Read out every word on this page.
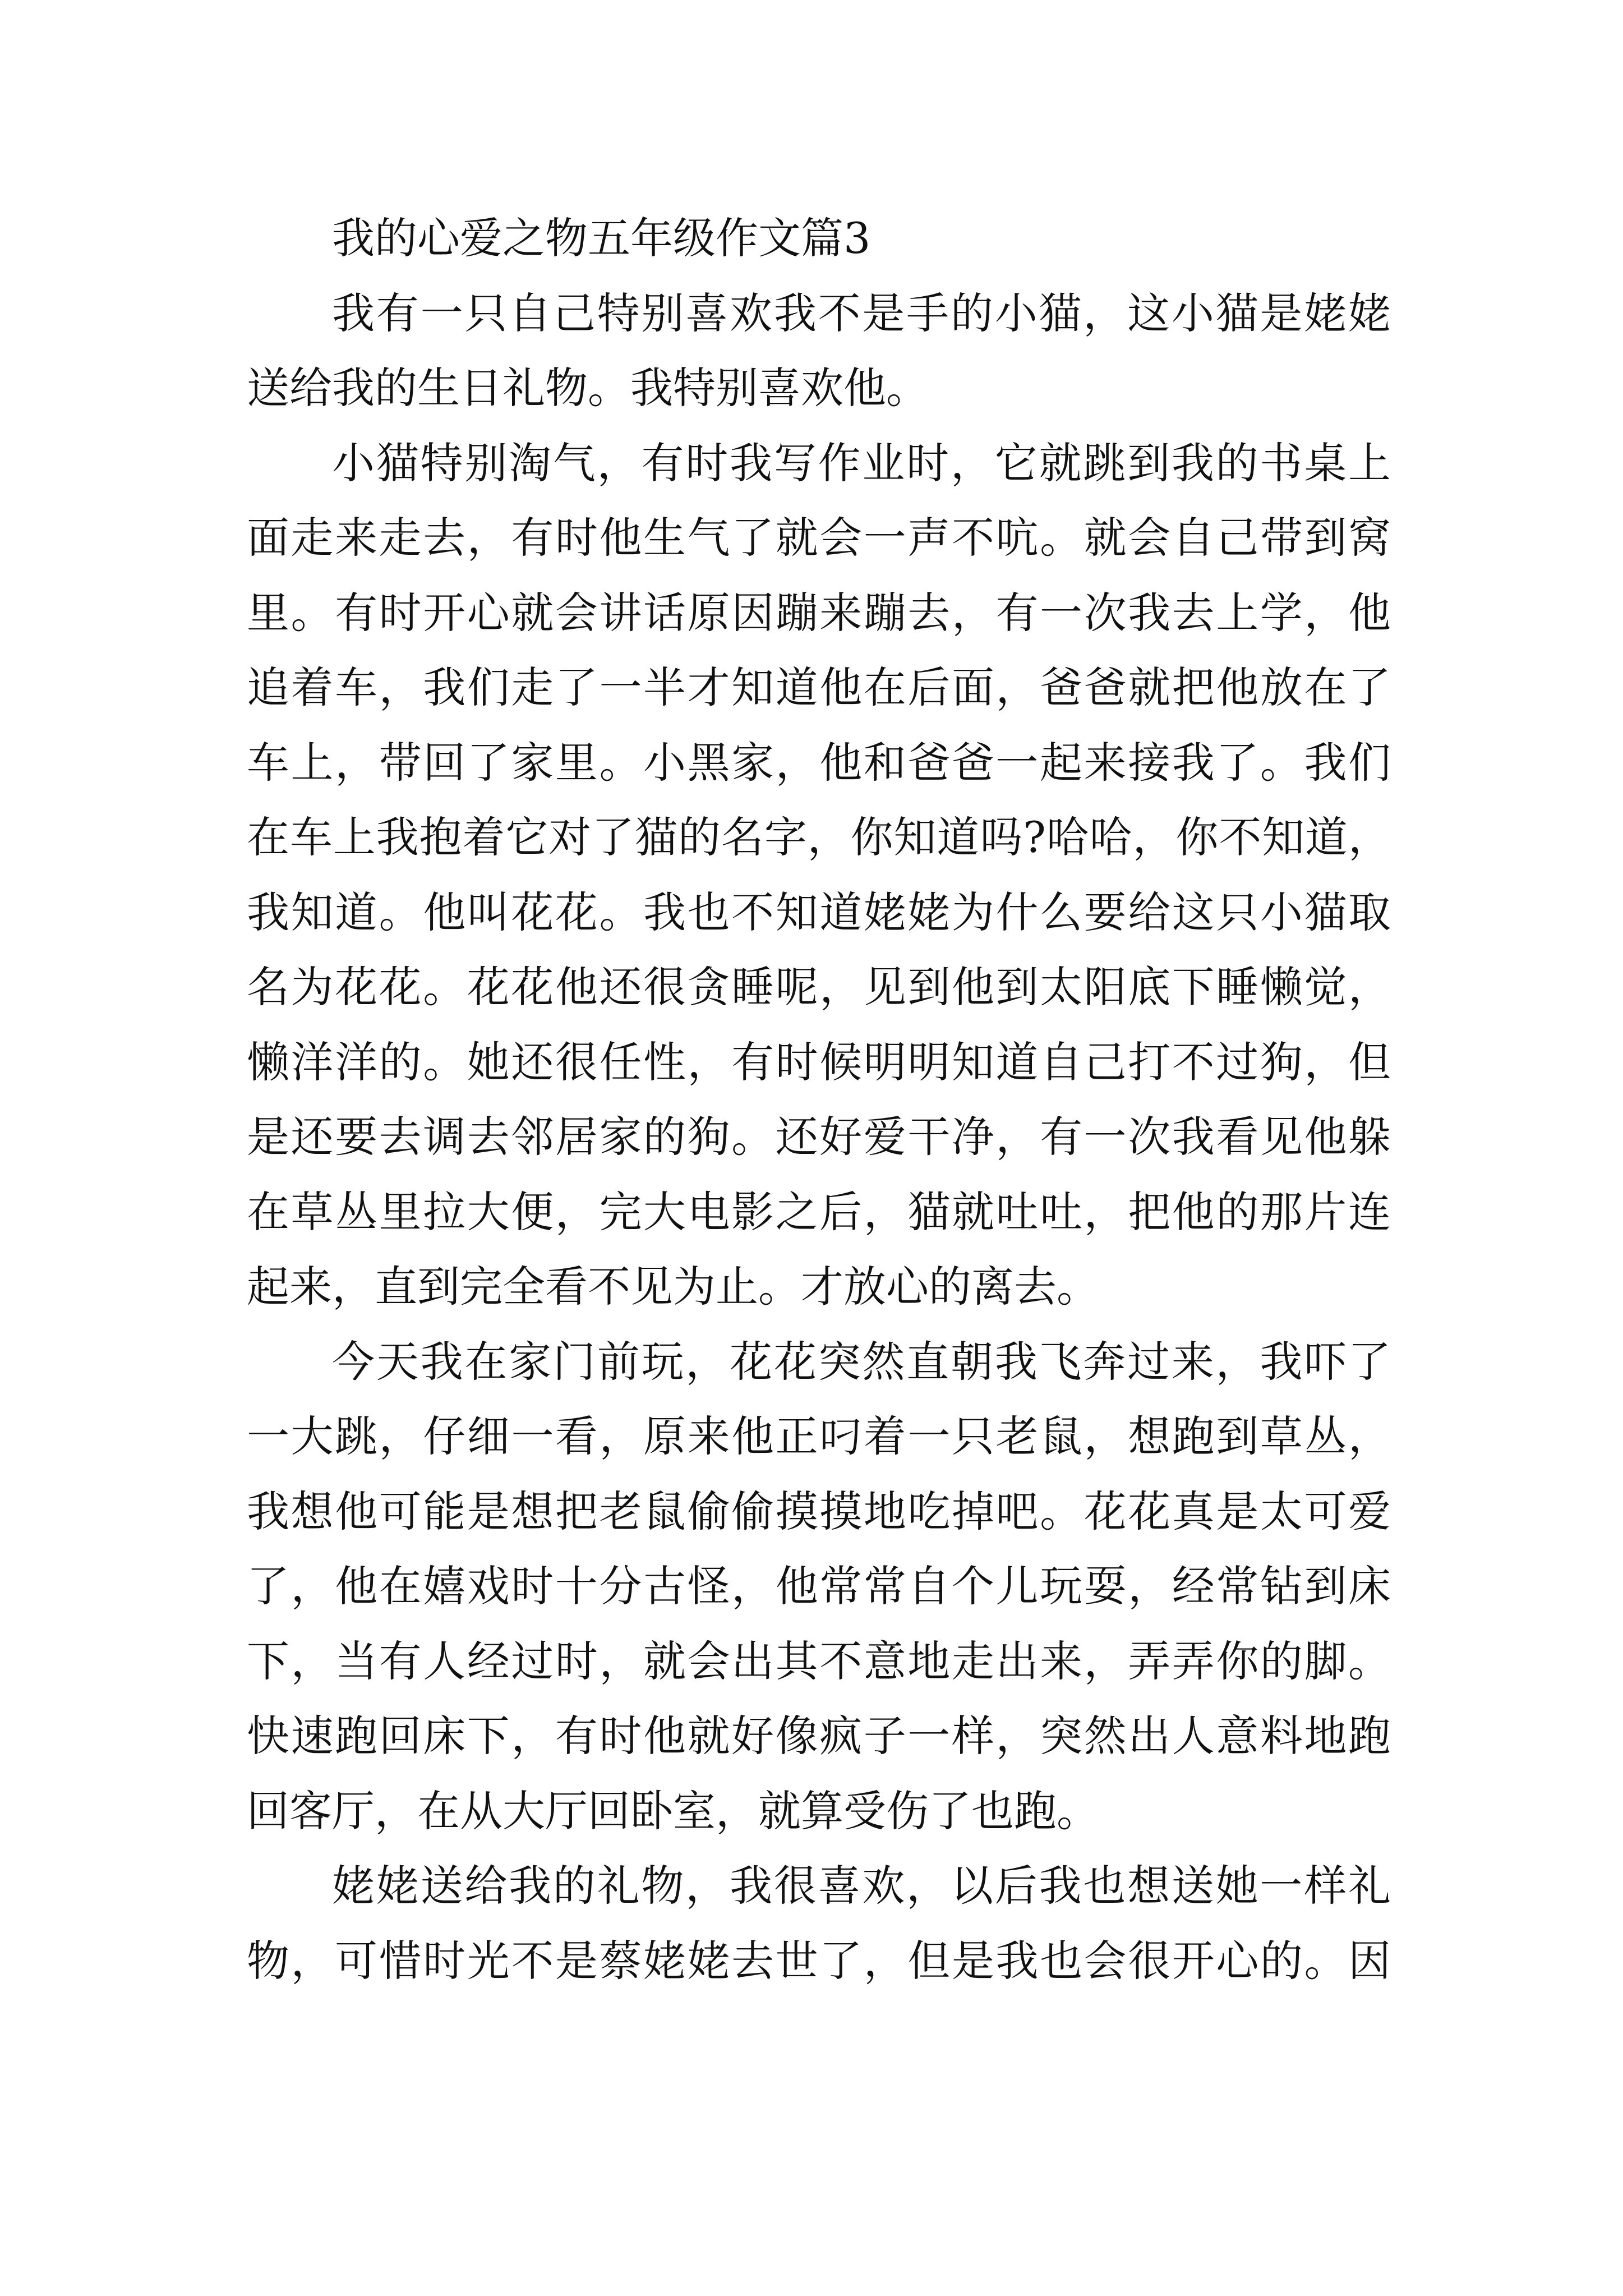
我的心爱之物五年级作文篇3
我有一只自己特别喜欢我不是手的小猫，这小猫是姥姥
送给我的生日礼物。我特别喜欢他。
小猫特别淘气，有时我写作业时，它就跳到我的书桌上
面走来走去，有时他生气了就会一声不吭。就会自己带到窝
里。有时开心就会讲话原因蹦来蹦去，有一次我去上学，他
追着车，我们走了一半才知道他在后面，爸爸就把他放在了
车上，带回了家里。小黑家，他和爸爸一起来接我了。我们
在车上我抱着它对了猫的名字，你知道吗?哈哈，你不知道，
我知道。他叫花花。我也不知道姥姥为什么要给这只小猫取
名为花花。花花他还很贪睡呢，见到他到太阳底下睡懒觉，
懒洋洋的。她还很任性，有时候明明知道自己打不过狗，但
是还要去调去邻居家的狗。还好爱干净，有一次我看见他躲
在草丛里拉大便，完大电影之后，猫就吐吐，把他的那片连
起来，直到完全看不见为止。才放心的离去。
今天我在家门前玩，花花突然直朝我飞奔过来，我吓了
一大跳，仔细一看，原来他正叼着一只老鼠，想跑到草丛，
我想他可能是想把老鼠偷偷摸摸地吃掉吧。花花真是太可爱
了，他在嬉戏时十分古怪，他常常自个儿玩耍，经常钻到床
下，当有人经过时，就会出其不意地走出来，弄弄你的脚。
快速跑回床下，有时他就好像疯子一样，突然出人意料地跑
回客厅，在从大厅回卧室，就算受伤了也跑。
姥姥送给我的礼物，我很喜欢，以后我也想送她一样礼
物，可惜时光不是蔡姥姥去世了，但是我也会很开心的。因
